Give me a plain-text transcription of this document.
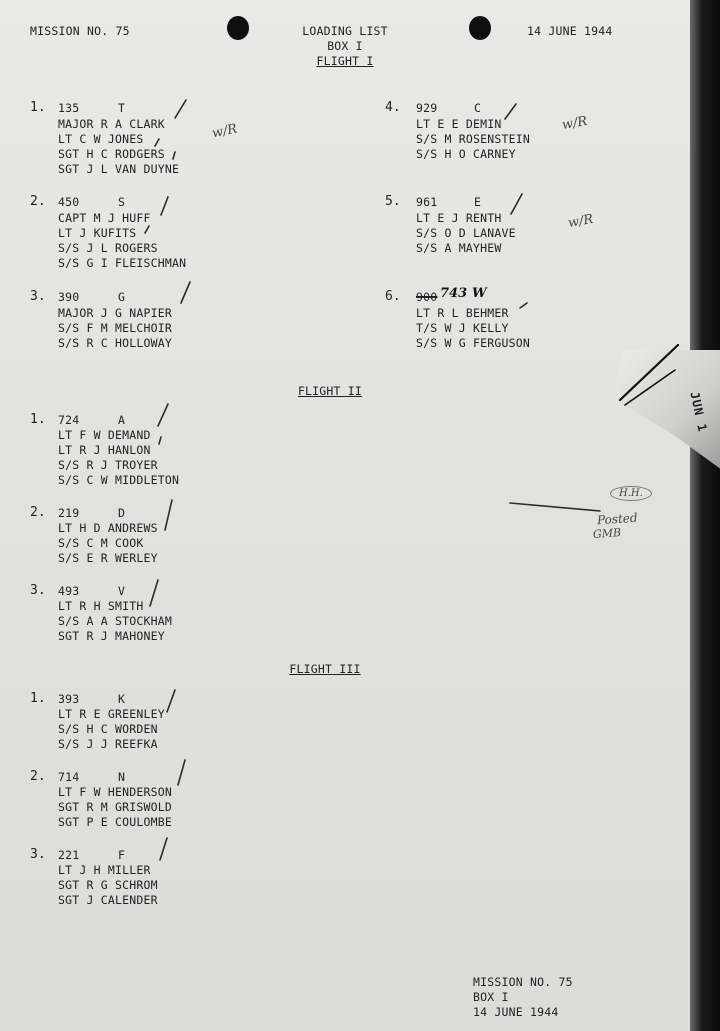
JUN 1
MISSION NO. 75	LOADING LIST
BOX I
FLIGHT I
14 JUNE 1944
1. 135	T
MAJOR R A CLARK
LT C W JONES
SGT H C RODGERS
SGT J L VAN DUYNE
2. 450	S
CAPT M J HUFF
LT J KUFITS
S/S J L ROGERS
S/S G I FLEISCHMAN
3. 390	G
MAJOR J G NAPIER
S/S F M MELCHOIR
S/S R C HOLLOWAY
4. 929	C
LT E E DEMIN
S/S M ROSENSTEIN
S/S H O CARNEY
5. 961	E
LT E J RENTH
S/S O D LANAVE
S/S A MAYHEW
6. 900 743 W
LT R L BEHMER
T/S W J KELLY
S/S W G FERGUSON
FLIGHT II
1. 724	A
LT F W DEMAND
LT R J HANLON
S/S R J TROYER
S/S C W MIDDLETON
2. 219	D
LT H D ANDREWS
S/S C M COOK
S/S E R WERLEY
3. 493	V
LT R H SMITH
S/S A A STOCKHAM
SGT R J MAHONEY
FLIGHT III
1. 393	K
LT R E GREENLEY
S/S H C WORDEN
S/S J J REEFKA
2. 714	N
LT F W HENDERSON
SGT R M GRISWOLD
SGT P E COULOMBE
3. 221	F
LT J H MILLER
SGT R G SCHROM
SGT J CALENDER
w/R	w/R
w/R
H.H.
Posted
GMB
MISSION NO. 75
BOX I
14 JUNE 1944
